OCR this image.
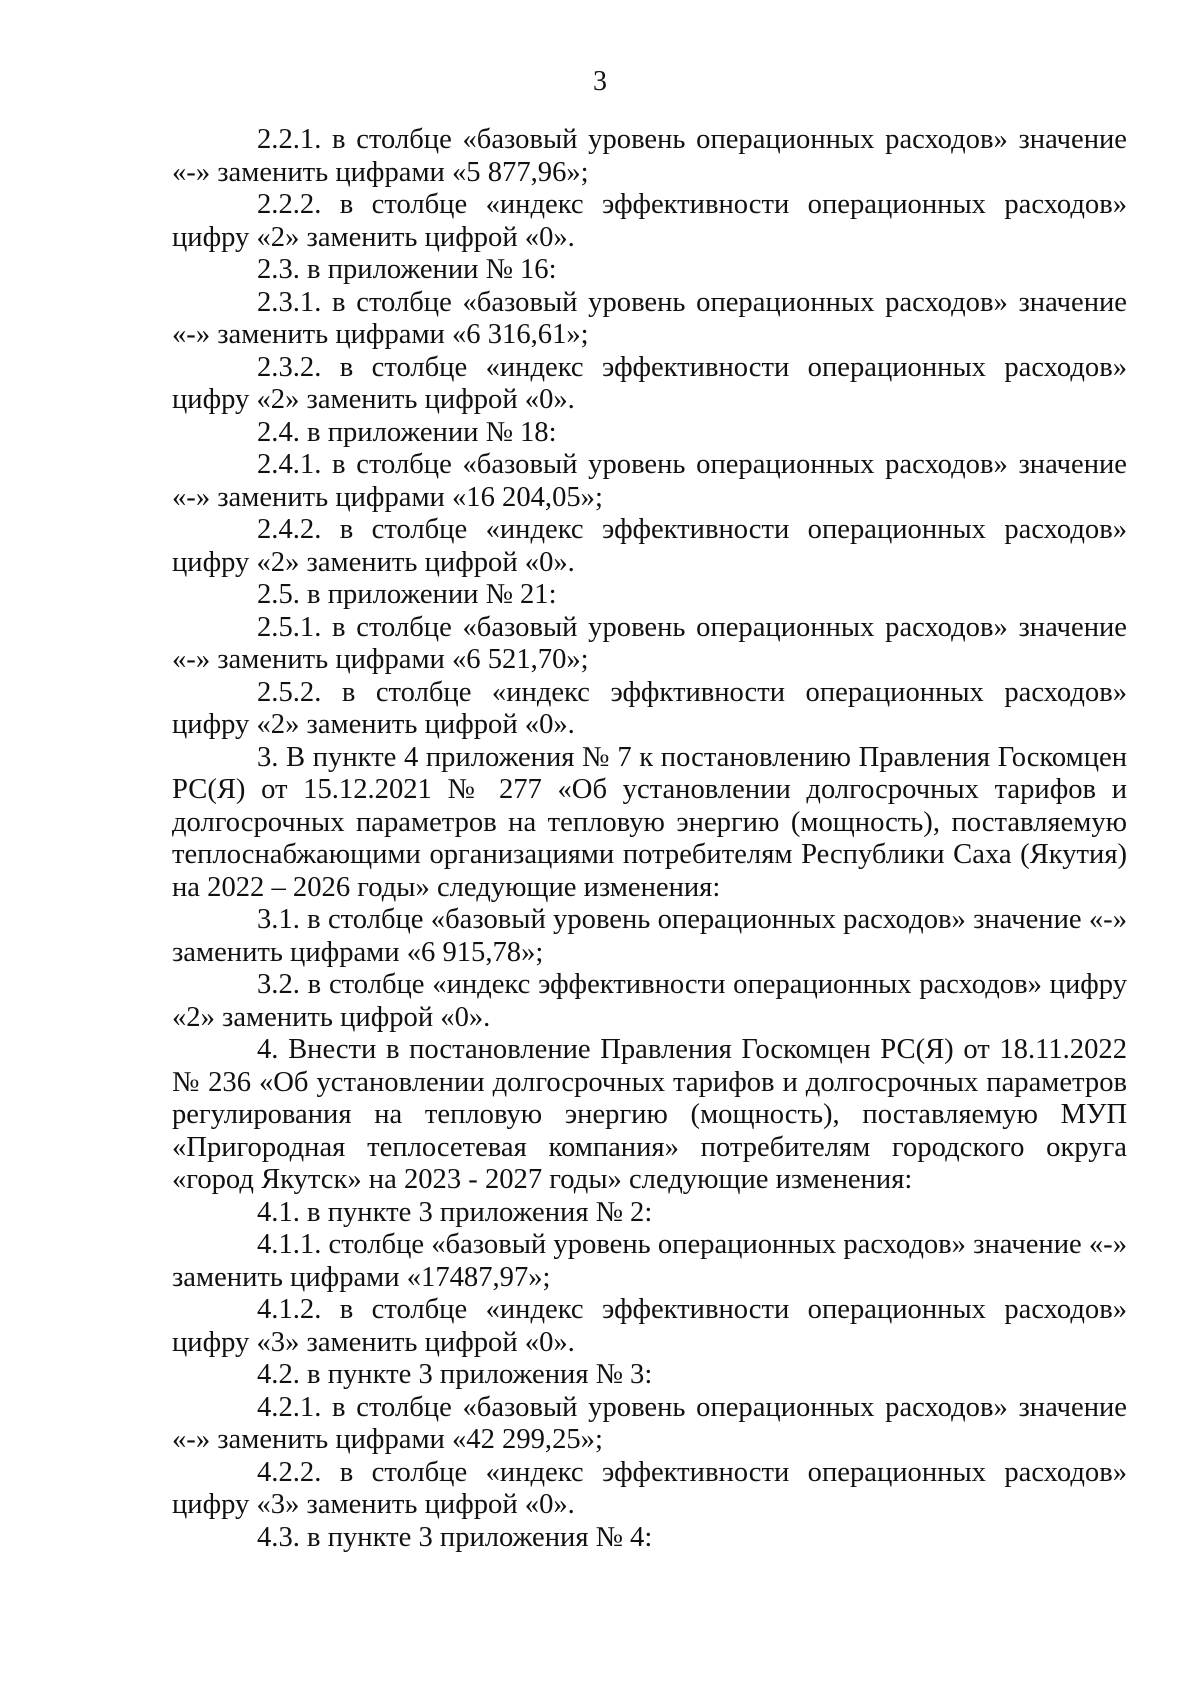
3

2.2.1. в столбце «базовый уровень операционных расходов» значение «-» заменить цифрами «5 877,96»;

2.2.2. в столбце «индекс эффективности операционных расходов» цифру «2» заменить цифрой «0».

2.3. в приложении № 16:

2.3.1. в столбце «базовый уровень операционных расходов» значение «-» заменить цифрами «6 316,61»;

2.3.2. в столбце «индекс эффективности операционных расходов» цифру «2» заменить цифрой «0».

2.4. в приложении № 18:

2.4.1. в столбце «базовый уровень операционных расходов» значение «-» заменить цифрами «16 204,05»;

2.4.2. в столбце «индекс эффективности операционных расходов» цифру «2» заменить цифрой «0».

2.5. в приложении № 21:

2.5.1. в столбце «базовый уровень операционных расходов» значение «-» заменить цифрами «6 521,70»;

2.5.2. в столбце «индекс эффктивности операционных расходов» цифру «2» заменить цифрой «0».

3. В пункте 4 приложения № 7 к постановлению Правления Госкомцен РС(Я) от 15.12.2021 № 277 «Об установлении долгосрочных тарифов и долгосрочных параметров на тепловую энергию (мощность), поставляемую теплоснабжающими организациями потребителям Республики Саха (Якутия) на 2022 – 2026 годы» следующие изменения:

3.1. в столбце «базовый уровень операционных расходов» значение «-» заменить цифрами «6 915,78»;

3.2. в столбце «индекс эффективности операционных расходов» цифру «2» заменить цифрой «0».

4. Внести в постановление Правления Госкомцен РС(Я) от 18.11.2022 № 236 «Об установлении долгосрочных тарифов и долгосрочных параметров регулирования на тепловую энергию (мощность), поставляемую МУП «Пригородная теплосетевая компания» потребителям городского округа «город Якутск» на 2023 - 2027 годы» следующие изменения:

4.1. в пункте 3 приложения № 2:

4.1.1. столбце «базовый уровень операционных расходов» значение «-» заменить цифрами «17487,97»;

4.1.2. в столбце «индекс эффективности операционных расходов» цифру «3» заменить цифрой «0».

4.2. в пункте 3 приложения № 3:

4.2.1. в столбце «базовый уровень операционных расходов» значение «-» заменить цифрами «42 299,25»;

4.2.2. в столбце «индекс эффективности операционных расходов» цифру «3» заменить цифрой «0».

4.3. в пункте 3 приложения № 4:
